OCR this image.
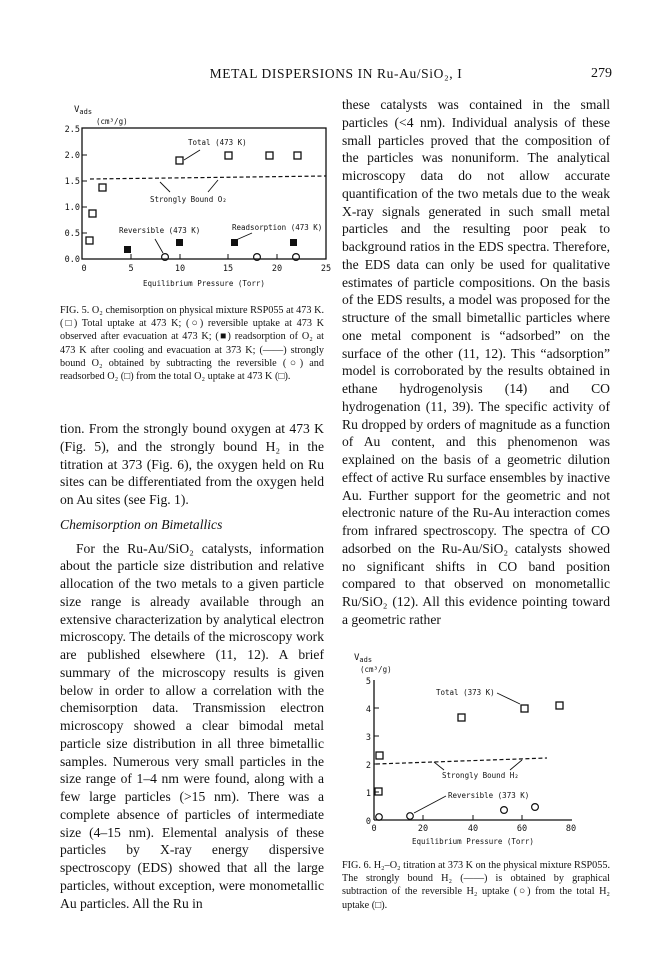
METAL DISPERSIONS IN Ru-Au/SiO₂, I	279
$V_{ads}$
(cm³/g)
2.5
2.0
1.5
1.0
0.5
0.0
0	5	10	15	20	25
Equilibrium Pressure (Torr)
Total (473 K)
Strongly Bound O₂
Reversible (473 K)	Readsorption (473 K)
FIG. 5. O₂ chemisorption on physical mixture RSP055 at 473 K. (□) Total uptake at 473 K; (○) reversible uptake at 473 K observed after evacuation at 473 K; (■) readsorption of O₂ at 473 K after cooling and evacuation at 373 K; (——) strongly bound O₂ obtained by subtracting the reversible (○) and readsorbed O₂ (□) from the total O₂ uptake at 473 K (□).

tion. From the strongly bound oxygen at 473 K (Fig. 5), and the strongly bound H₂ in the titration at 373 (Fig. 6), the oxygen held on Ru sites can be differentiated from the oxygen held on Au sites (see Fig. 1).

Chemisorption on Bimetallics

For the Ru-Au/SiO₂ catalysts, information about the particle size distribution and relative allocation of the two metals to a given particle size range is already available through an extensive characterization by analytical electron microscopy. The details of the microscopy work are published elsewhere (11, 12). A brief summary of the microscopy results is given below in order to allow a correlation with the chemisorption data. Transmission electron microscopy showed a clear bimodal metal particle size distribution in all three bimetallic samples. Numerous very small particles in the size range of 1–4 nm were found, along with a few large particles (>15 nm). There was a complete absence of particles of intermediate size (4–15 nm). Elemental analysis of these particles by X-ray energy dispersive spectroscopy (EDS) showed that all the large particles, without exception, were monometallic Au particles. All the Ru in

these catalysts was contained in the small particles (<4 nm). Individual analysis of these small particles proved that the composition of the particles was nonuniform. The analytical microscopy data do not allow accurate quantification of the two metals due to the weak X-ray signals generated in such small metal particles and the resulting poor peak to background ratios in the EDS spectra. Therefore, the EDS data can only be used for qualitative estimates of particle compositions. On the basis of the EDS results, a model was proposed for the structure of the small bimetallic particles where one metal component is “adsorbed” on the surface of the other (11, 12). This “adsorption” model is corroborated by the results obtained in ethane hydrogenolysis (14) and CO hydrogenation (11, 39). The specific activity of Ru dropped by orders of magnitude as a function of Au content, and this phenomenon was explained on the basis of a geometric dilution effect of active Ru surface ensembles by inactive Au. Further support for the geometric and not electronic nature of the Ru-Au interaction comes from infrared spectroscopy. The spectra of CO adsorbed on the Ru-Au/SiO₂ catalysts showed no significant shifts in CO band position compared to that observed on monometallic Ru/SiO₂ (12). All this evidence pointing toward a geometric rather

$V_{ads}$
(cm³/g)
5
4
3
2
1
0
0	20	40	60	80
Equilibrium Pressure (Torr)
Total (373 K)
Strongly Bound H₂
Reversible (373 K)
FIG. 6. H₂–O₂ titration at 373 K on the physical mixture RSP055. The strongly bound H₂ (——) is obtained by graphical subtraction of the reversible H₂ uptake (○) from the total H₂ uptake (□).
